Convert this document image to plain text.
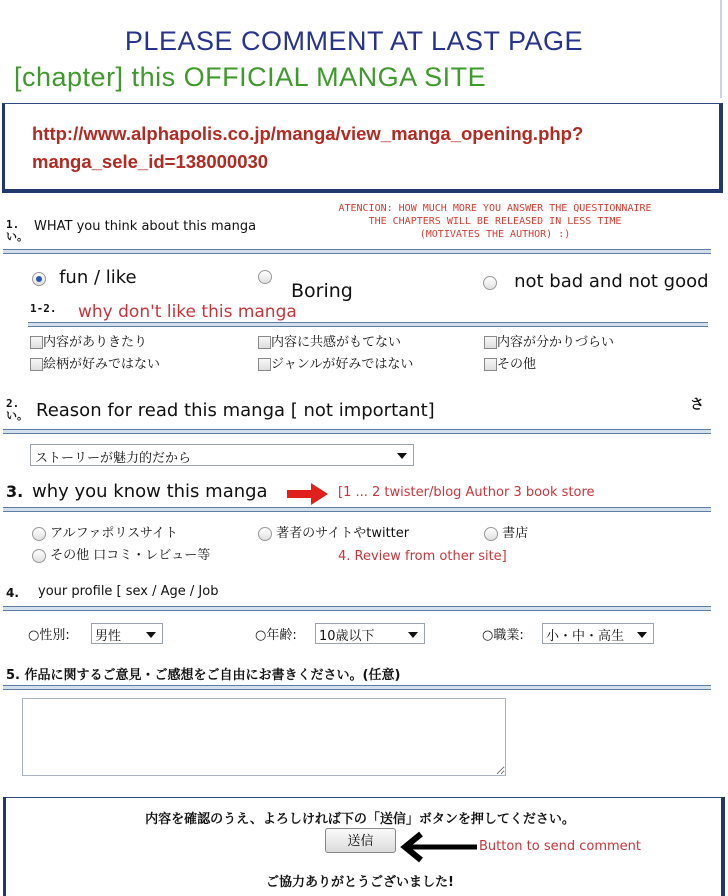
PLEASE COMMENT AT LAST PAGE
[chapter] this OFFICIAL MANGA SITE
http://www.alphapolis.co.jp/manga/view_manga_opening.php?
manga_sele_id=138000030
ATENCION: HOW MUCH MORE YOU ANSWER THE QUESTIONNAIRE
THE CHAPTERS WILL BE RELEASED IN LESS TIME
(MOTIVATES THE AUTHOR) :)
1.
い。
WHAT you think about this manga
fun / like
Boring	not bad and not good
1-2. why don't like this manga
内容がありきたり	内容に共感がもてない	内容が分かりづらい
絵柄が好みではない	ジャンルが好みではない	その他
2.
い。 Reason for read this manga [ not important]	さ
ストーリーが魅力的だから
3. why you know this manga	[1 ... 2 twister/blog Author 3 book store
アルファポリスサイト	著者のサイトやtwitter	書店
その他 口コミ・レビュー等	4. Review from other site]
4. your profile [ sex / Age / Job
○性別:	男性	○年齢:	10歳以下	○職業:	小・中・高生
5. 作品に関するご意見・ご感想をご自由にお書きください。(任意)
内容を確認のうえ、よろしければ下の「送信」ボタンを押してください。
送信	Button to send comment
ご協力ありがとうございました!
